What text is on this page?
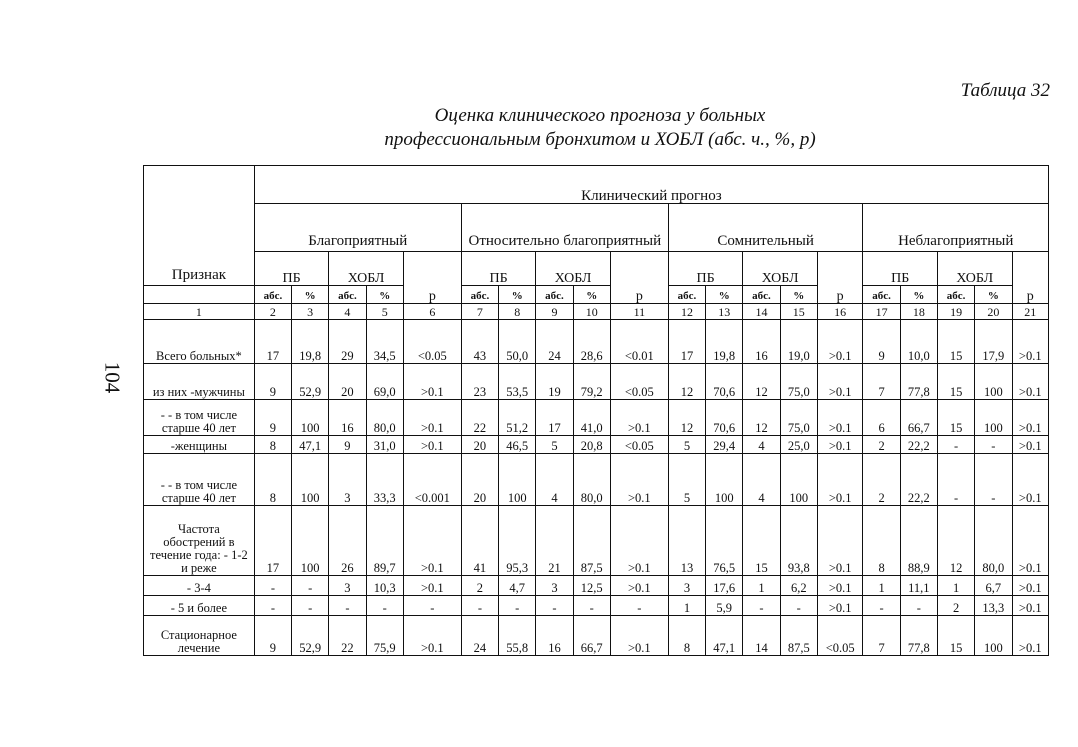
Таблица 32
Оценка клинического прогноза у больных
профессиональным бронхитом и ХОБЛ (абс. ч., %, р)
104
Признак	Клинический прогноз																			
	Благоприятный					Относительно благоприятный					Сомнительный					Неблагоприятный				
	ПБ		ХОБЛ		р	ПБ		ХОБЛ		р	ПБ		ХОБЛ		р	ПБ		ХОБЛ		р
	абс.	%	абс.	%		абс.	%	абс.	%		абс.	%	абс.	%		абс.	%	абс.	%	
1	2	3	4	5	6	7	8	9	10	11	12	13	14	15	16	17	18	19	20	21
Всего больных*	17	19,8	29	34,5	<0.05	43	50,0	24	28,6	<0.01	17	19,8	16	19,0	>0.1	9	10,0	15	17,9	>0.1
из них -мужчины	9	52,9	20	69,0	>0.1	23	53,5	19	79,2	<0.05	12	70,6	12	75,0	>0.1	7	77,8	15	100	>0.1
- - в том числе старше 40 лет	9	100	16	80,0	>0.1	22	51,2	17	41,0	>0.1	12	70,6	12	75,0	>0.1	6	66,7	15	100	>0.1
-женщины	8	47,1	9	31,0	>0.1	20	46,5	5	20,8	<0.05	5	29,4	4	25,0	>0.1	2	22,2	-	-	>0.1
- - в том числе старше 40 лет	8	100	3	33,3	<0.001	20	100	4	80,0	>0.1	5	100	4	100	>0.1	2	22,2	-	-	>0.1
Частота обострений в течение года: - 1-2 и реже	17	100	26	89,7	>0.1	41	95,3	21	87,5	>0.1	13	76,5	15	93,8	>0.1	8	88,9	12	80,0	>0.1
- 3-4	-	-	3	10,3	>0.1	2	4,7	3	12,5	>0.1	3	17,6	1	6,2	>0.1	1	11,1	1	6,7	>0.1
- 5 и более	-	-	-	-	-	-	-	-	-	-	1	5,9	-	-	>0.1	-	-	2	13,3	>0.1
Стационарное лечение	9	52,9	22	75,9	>0.1	24	55,8	16	66,7	>0.1	8	47,1	14	87,5	<0.05	7	77,8	15	100	>0.1
